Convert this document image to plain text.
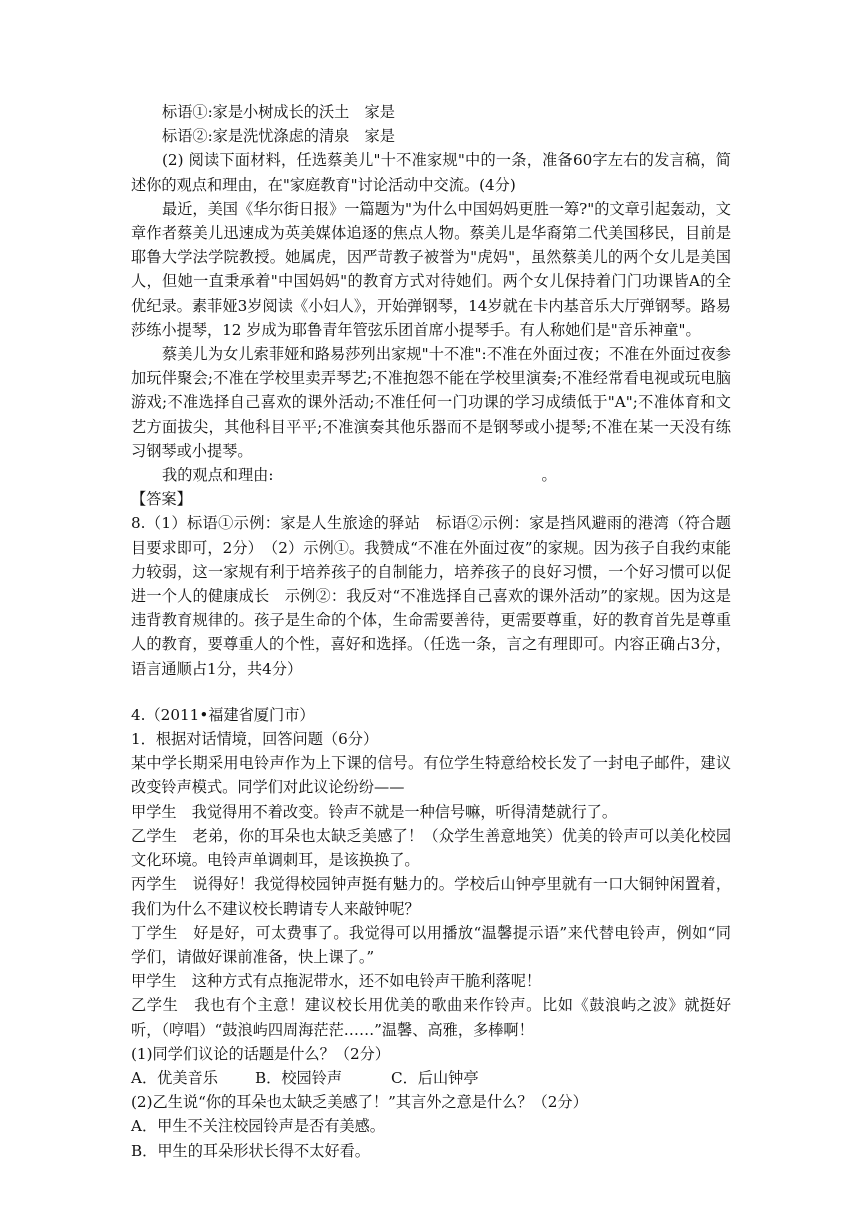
标语①:家是小树成长的沃土　家是

标语②:家是洗忧涤虑的清泉　家是

(2) 阅读下面材料，任选蔡美儿"十不准家规"中的一条，准备60字左右的发言稿，简述你的观点和理由，在"家庭教育"讨论活动中交流。(4分)

最近，美国《华尔街日报》一篇题为"为什么中国妈妈更胜一筹?"的文章引起轰动，文章作者蔡美儿迅速成为英美媒体追逐的焦点人物。蔡美儿是华裔第二代美国移民，目前是耶鲁大学法学院教授。她属虎，因严苛教子被誉为"虎妈"，虽然蔡美儿的两个女儿是美国人，但她一直秉承着"中国妈妈"的教育方式对待她们。两个女儿保持着门门功课皆A的全优纪录。素菲娅3岁阅读《小妇人》，开始弹钢琴，14岁就在卡内基音乐大厅弹钢琴。路易莎练小提琴，12 岁成为耶鲁青年管弦乐团首席小提琴手。有人称她们是"音乐神童"。

蔡美儿为女儿索菲娅和路易莎列出家规"十不准":不准在外面过夜；不准在外面过夜参加玩伴聚会;不准在学校里卖弄琴艺;不准抱怨不能在学校里演奏;不准经常看电视或玩电脑游戏;不准选择自己喜欢的课外活动;不准任何一门功课的学习成绩低于"A";不准体育和文艺方面拔尖，其他科目平平;不准演奏其他乐器而不是钢琴或小提琴;不准在某一天没有练习钢琴或小提琴。

我的观点和理由:	。

【答案】

8.（1）标语①示例：家是人生旅途的驿站　标语②示例：家是挡风避雨的港湾（符合题目要求即可，2分）　（2）示例①。我赞成“不准在外面过夜”的家规。因为孩子自我约束能力较弱，这一家规有利于培养孩子的自制能力，培养孩子的良好习惯，一个好习惯可以促进一个人的健康成长　示例②：我反对“不准选择自己喜欢的课外活动”的家规。因为这是违背教育规律的。孩子是生命的个体，生命需要善待，更需要尊重，好的教育首先是尊重人的教育，要尊重人的个性，喜好和选择。（任选一条，言之有理即可。内容正确占3分，语言通顺占1分，共4分）

4.（2011•福建省厦门市）

1．根据对话情境，回答问题（6分）

某中学长期采用电铃声作为上下课的信号。有位学生特意给校长发了一封电子邮件，建议改变铃声模式。同学们对此议论纷纷——

甲学生　我觉得用不着改变。铃声不就是一种信号嘛，听得清楚就行了。

乙学生　老弟，你的耳朵也太缺乏美感了！（众学生善意地笑）优美的铃声可以美化校园文化环境。电铃声单调刺耳，是该换换了。

丙学生　说得好！我觉得校园钟声挺有魅力的。学校后山钟亭里就有一口大铜钟闲置着，我们为什么不建议校长聘请专人来敲钟呢？

丁学生　好是好，可太费事了。我觉得可以用播放“温馨提示语”来代替电铃声，例如“同学们，请做好课前准备，快上课了。”

甲学生　这种方式有点拖泥带水，还不如电铃声干脆利落呢！

乙学生　我也有个主意！建议校长用优美的歌曲来作铃声。比如《鼓浪屿之波》就挺好听，（哼唱）“鼓浪屿四周海茫茫……”温馨、高雅，多棒啊！

(1)同学们议论的话题是什么？（2分）

A．优美音乐 B．校园铃声	C．后山钟亭

(2)乙生说“你的耳朵也太缺乏美感了！”其言外之意是什么？（2分）

A．甲生不关注校园铃声是否有美感。

B．甲生的耳朵形状长得不太好看。
